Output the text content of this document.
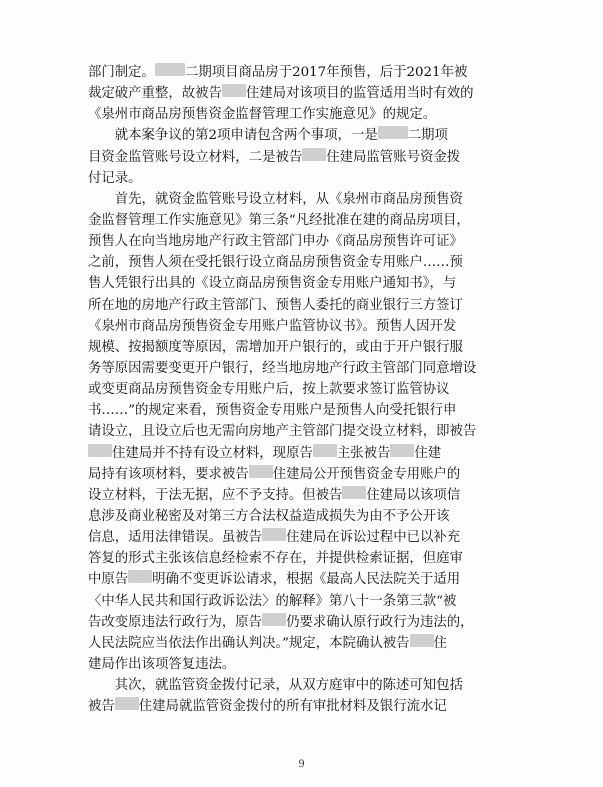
部门制定。 二期项目商品房于2017年预售，后于2021年被
裁定破产重整，故被告 住建局对该项目的监管适用当时有效的
《泉州市商品房预售资金监督管理工作实施意见》的规定。
　　就本案争议的第2项申请包含两个事项，一是 二期项
目资金监管账号设立材料，二是被告 住建局监管账号资金拨
付记录。
　　首先，就资金监管账号设立材料，从《泉州市商品房预售资
金监督管理工作实施意见》第三条“凡经批准在建的商品房项目，
预售人在向当地房地产行政主管部门申办《商品房预售许可证》
之前，预售人须在受托银行设立商品房预售资金专用账户……预
售人凭银行出具的《设立商品房预售资金专用账户通知书》，与
所在地的房地产行政主管部门、预售人委托的商业银行三方签订
《泉州市商品房预售资金专用账户监管协议书》。预售人因开发
规模、按揭额度等原因，需增加开户银行的，或由于开户银行服
务等原因需要变更开户银行，经当地房地产行政主管部门同意增设
或变更商品房预售资金专用账户后，按上款要求签订监管协议
书……”的规定来看，预售资金专用账户是预售人向受托银行申
请设立，且设立后也无需向房地产主管部门提交设立材料，即被告
住建局并不持有设立材料，现原告 主张被告 住建
局持有该项材料，要求被告 住建局公开预售资金专用账户的
设立材料，于法无据，应不予支持。但被告 住建局以该项信
息涉及商业秘密及对第三方合法权益造成损失为由不予公开该
信息，适用法律错误。虽被告 住建局在诉讼过程中已以补充
答复的形式主张该信息经检索不存在，并提供检索证据，但庭审
中原告 明确不变更诉讼请求，根据《最高人民法院关于适用
〈中华人民共和国行政诉讼法〉的解释》第八十一条第三款“被
告改变原违法行政行为，原告 仍要求确认原行政行为违法的，
人民法院应当依法作出确认判决。”规定，本院确认被告 住
建局作出该项答复违法。
　　其次，就监管资金拨付记录，从双方庭审中的陈述可知包括
被告 住建局就监管资金拨付的所有审批材料及银行流水记
9
